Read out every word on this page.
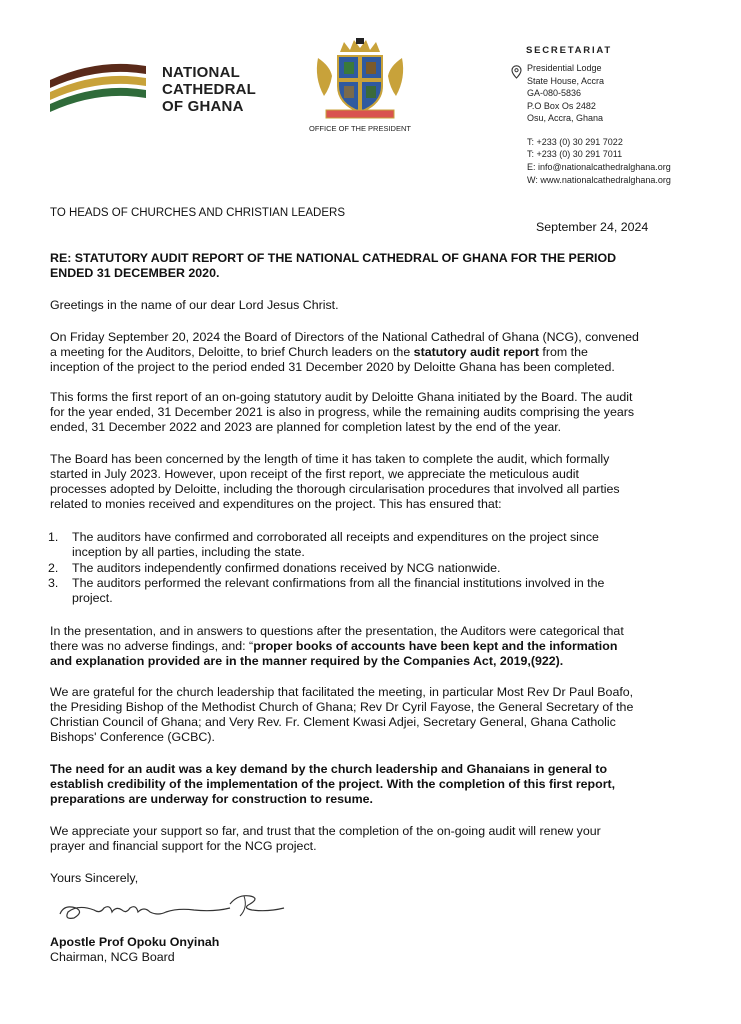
NATIONAL
CATHEDRAL
OF GHANA
OFFICE OF THE PRESIDENT
SECRETARIAT
Presidential Lodge
State House, Accra
GA-080-5836
P.O Box Os 2482
Osu, Accra, Ghana
T: +233 (0) 30 291 7022
T: +233 (0) 30 291 7011
E: info@nationalcathedralghana.org
W: www.nationalcathedralghana.org
TO HEADS OF CHURCHES AND CHRISTIAN LEADERS
September 24, 2024
RE: STATUTORY AUDIT REPORT OF THE NATIONAL CATHEDRAL OF GHANA FOR THE PERIOD
ENDED 31 DECEMBER 2020.
Greetings in the name of our dear Lord Jesus Christ.
On Friday September 20, 2024 the Board of Directors of the National Cathedral of Ghana (NCG), convened
a meeting for the Auditors, Deloitte, to brief Church leaders on the statutory audit report from the
inception of the project to the period ended 31 December 2020 by Deloitte Ghana has been completed.
This forms the first report of an on-going statutory audit by Deloitte Ghana initiated by the Board. The audit
for the year ended, 31 December 2021 is also in progress, while the remaining audits comprising the years
ended, 31 December 2022 and 2023 are planned for completion latest by the end of the year.
The Board has been concerned by the length of time it has taken to complete the audit, which formally
started in July 2023. However, upon receipt of the first report, we appreciate the meticulous audit
processes adopted by Deloitte, including the thorough circularisation procedures that involved all parties
related to monies received and expenditures on the project. This has ensured that:
1. The auditors have confirmed and corroborated all receipts and expenditures on the project since
inception by all parties, including the state.
2. The auditors independently confirmed donations received by NCG nationwide.
3. The auditors performed the relevant confirmations from all the financial institutions involved in the
project.
In the presentation, and in answers to questions after the presentation, the Auditors were categorical that
there was no adverse findings, and: “proper books of accounts have been kept and the information
and explanation provided are in the manner required by the Companies Act, 2019,(922).
We are grateful for the church leadership that facilitated the meeting, in particular Most Rev Dr Paul Boafo,
the Presiding Bishop of the Methodist Church of Ghana; Rev Dr Cyril Fayose, the General Secretary of the
Christian Council of Ghana; and Very Rev. Fr. Clement Kwasi Adjei, Secretary General, Ghana Catholic
Bishops' Conference (GCBC).
The need for an audit was a key demand by the church leadership and Ghanaians in general to
establish credibility of the implementation of the project. With the completion of this first report,
preparations are underway for construction to resume.
We appreciate your support so far, and trust that the completion of the on-going audit will renew your
prayer and financial support for the NCG project.
Yours Sincerely,
Apostle Prof Opoku Onyinah
Chairman, NCG Board
